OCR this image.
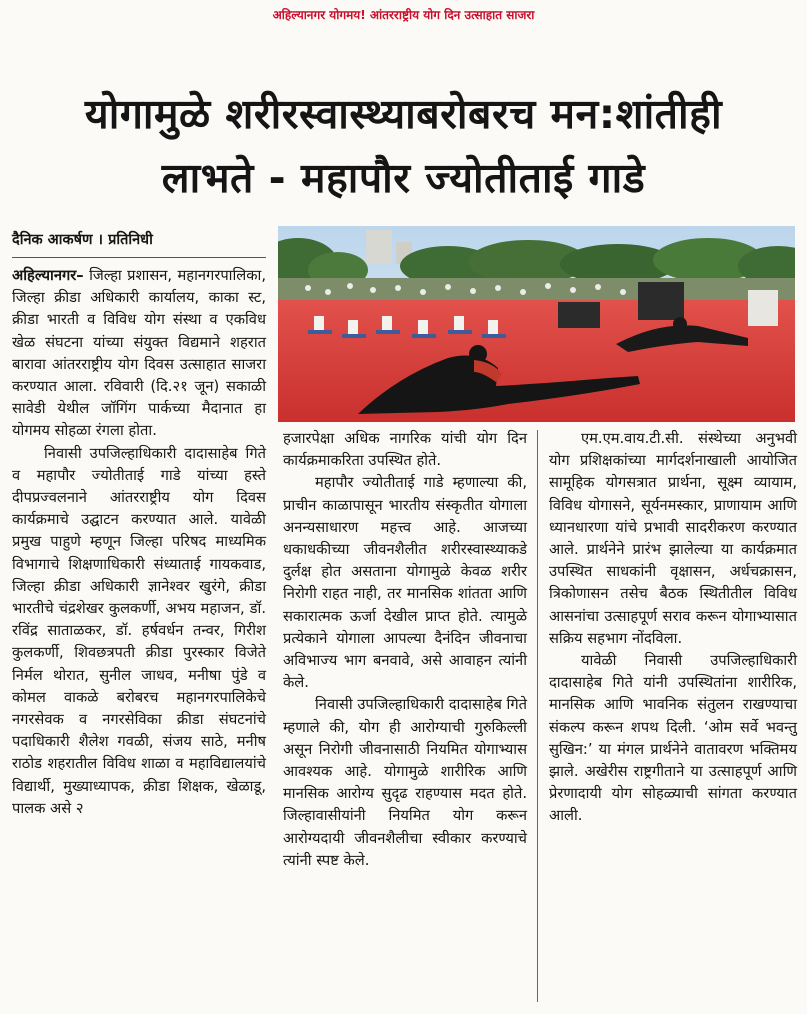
अहिल्यानगर योगमय! आंतरराष्ट्रीय योग दिन उत्साहात साजरा
योगामुळे शरीरस्वास्थ्याबरोबरच मन:शांतीही
लाभते - महापौर ज्योतीताई गाडे
दैनिक आकर्षण । प्रतिनिधी

अहिल्यानगर– जिल्हा प्रशासन, महानगरपालिका, जिल्हा क्रीडा अधिकारी कार्यालय, काका स्ट, क्रीडा भारती व विविध योग संस्था व एकविध खेळ संघटना यांच्या संयुक्त विद्यमाने शहरात बारावा आंतरराष्ट्रीय योग दिवस उत्साहात साजरा करण्यात आला. रविवारी (दि.२१ जून) सकाळी सावेडी येथील जॉगिंग पार्कच्या मैदानात हा योगमय सोहळा रंगला होता.

निवासी उपजिल्हाधिकारी दादासाहेब गिते व महापौर ज्योतीताई गाडे यांच्या हस्ते दीपप्रज्वलनाने आंतरराष्ट्रीय योग दिवस कार्यक्रमाचे उद्घाटन करण्यात आले. यावेळी प्रमुख पाहुणे म्हणून जिल्हा परिषद माध्यमिक विभागाचे शिक्षणाधिकारी संध्याताई गायकवाड, जिल्हा क्रीडा अधिकारी ज्ञानेश्वर खुरंगे, क्रीडा भारतीचे चंद्रशेखर कुलकर्णी, अभय महाजन, डॉ. रविंद्र साताळकर, डॉ. हर्षवर्धन तन्वर, गिरीश कुलकर्णी, शिवछत्रपती क्रीडा पुरस्कार विजेते निर्मल थोरात, सुनील जाधव, मनीषा पुंडे व कोमल वाकळे बरोबरच महानगरपालिकेचे नगरसेवक व नगरसेविका क्रीडा संघटनांचे पदाधिकारी शैलेश गवळी, संजय साठे, मनीष राठोड शहरातील विविध शाळा व महाविद्यालयांचे विद्यार्थी, मुख्याध्यापक, क्रीडा शिक्षक, खेळाडू, पालक असे २

हजारपेक्षा अधिक नागरिक यांची योग दिन कार्यक्रमाकरिता उपस्थित होते.

महापौर ज्योतीताई गाडे म्हणाल्या की, प्राचीन काळापासून भारतीय संस्कृतीत योगाला अनन्यसाधारण महत्त्व आहे. आजच्या धकाधकीच्या जीवनशैलीत शरीरस्वास्थ्याकडे दुर्लक्ष होत असताना योगामुळे केवळ शरीर निरोगी राहत नाही, तर मानसिक शांतता आणि सकारात्मक ऊर्जा देखील प्राप्त होते. त्यामुळे प्रत्येकाने योगाला आपल्या दैनंदिन जीवनाचा अविभाज्य भाग बनवावे, असे आवाहन त्यांनी केले.

निवासी उपजिल्हाधिकारी दादासाहेब गिते म्हणाले की, योग ही आरोग्याची गुरुकिल्ली असून निरोगी जीवनासाठी नियमित योगाभ्यास आवश्यक आहे. योगामुळे शारीरिक आणि मानसिक आरोग्य सुदृढ राहण्यास मदत होते. जिल्हावासीयांनी नियमित योग करून आरोग्यदायी जीवनशैलीचा स्वीकार करण्याचे त्यांनी स्पष्ट केले.

एम.एम.वाय.टी.सी. संस्थेच्या अनुभवी योग प्रशिक्षकांच्या मार्गदर्शनाखाली आयोजित सामूहिक योगसत्रात प्रार्थना, सूक्ष्म व्यायाम, विविध योगासने, सूर्यनमस्कार, प्राणायाम आणि ध्यानधारणा यांचे प्रभावी सादरीकरण करण्यात आले. प्रार्थनेने प्रारंभ झालेल्या या कार्यक्रमात उपस्थित साधकांनी वृक्षासन, अर्धचक्रासन, त्रिकोणासन तसेच बैठक स्थितीतील विविध आसनांचा उत्साहपूर्ण सराव करून योगाभ्यासात सक्रिय सहभाग नोंदविला.

यावेळी निवासी उपजिल्हाधिकारी दादासाहेब गिते यांनी उपस्थितांना शारीरिक, मानसिक आणि भावनिक संतुलन राखण्याचा संकल्प करून शपथ दिली. ‘ओम सर्वे भवन्तु सुखिन:’ या मंगल प्रार्थनेने वातावरण भक्तिमय झाले. अखेरीस राष्ट्रगीताने या उत्साहपूर्ण आणि प्रेरणादायी योग सोहळ्याची सांगता करण्यात आली.
